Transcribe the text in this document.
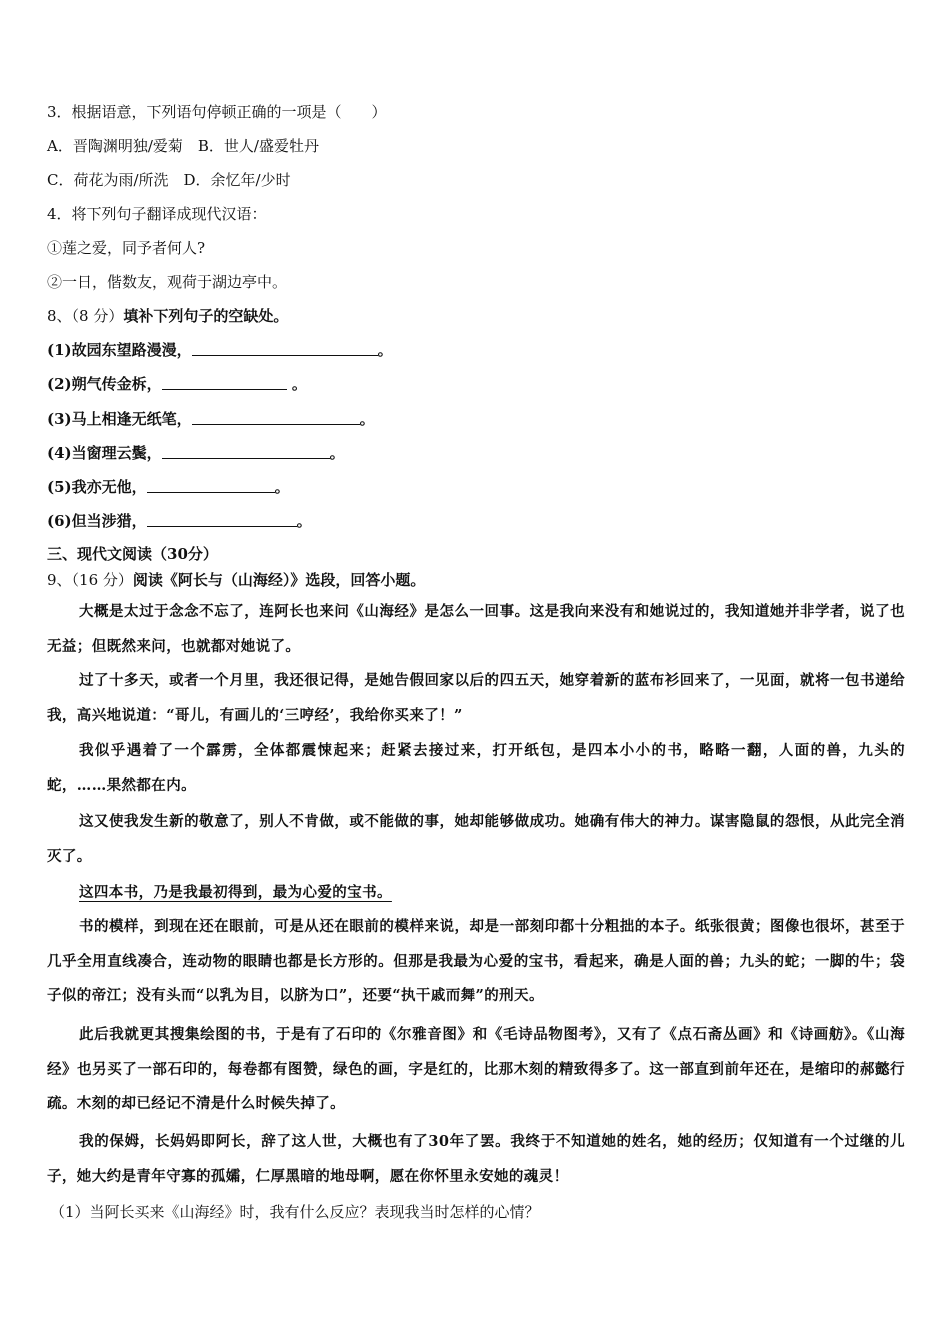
3．根据语意，下列语句停顿正确的一项是（　　）
A．晋陶渊明独/爱菊　B．世人/盛爱牡丹
C．荷花为雨/所洗　D．余忆年/少时
4．将下列句子翻译成现代汉语：
①莲之爱，同予者何人?
②一日，偕数友，观荷于湖边亭中。
8、（8 分）填补下列句子的空缺处。
(1)故园东望路漫漫，	。
(2)朔气传金柝，	。
(3)马上相逢无纸笔，	。
(4)当窗理云鬓，	。
(5)我亦无他，	。
(6)但当涉猎，	。
三、现代文阅读（30分）
9、（16 分）阅读《阿长与（山海经）》选段，回答小题。
大概是太过于念念不忘了，连阿长也来问《山海经》是怎么一回事。这是我向来没有和她说过的，我知道她并非学者，说了也无益；但既然来问，也就都对她说了。
过了十多天，或者一个月里，我还很记得，是她告假回家以后的四五天，她穿着新的蓝布衫回来了，一见面，就将一包书递给我，高兴地说道：“哥儿，有画儿的‘三哼经’，我给你买来了！”
我似乎遇着了一个霹雳，全体都震悚起来；赶紧去接过来，打开纸包，是四本小小的书，略略一翻，人面的兽，九头的蛇，……果然都在内。
这又使我发生新的敬意了，别人不肯做，或不能做的事，她却能够做成功。她确有伟大的神力。谋害隐鼠的怨恨，从此完全消灭了。
这四本书，乃是我最初得到，最为心爱的宝书。
书的模样，到现在还在眼前，可是从还在眼前的模样来说，却是一部刻印都十分粗拙的本子。纸张很黄；图像也很坏，甚至于几乎全用直线凑合，连动物的眼睛也都是长方形的。但那是我最为心爱的宝书，看起来，确是人面的兽；九头的蛇；一脚的牛；袋子似的帝江；没有头而“以乳为目，以脐为口”，还要“执干戚而舞”的刑天。
此后我就更其搜集绘图的书，于是有了石印的《尔雅音图》和《毛诗品物图考》，又有了《点石斋丛画》和《诗画舫》。《山海经》也另买了一部石印的，每卷都有图赞，绿色的画，字是红的，比那木刻的精致得多了。这一部直到前年还在，是缩印的郝懿行疏。木刻的却已经记不清是什么时候失掉了。
我的保姆，长妈妈即阿长，辞了这人世，大概也有了30年了罢。我终于不知道她的姓名，她的经历；仅知道有一个过继的儿子，她大约是青年守寡的孤孀，仁厚黑暗的地母啊，愿在你怀里永安她的魂灵！
（1）当阿长买来《山海经》时，我有什么反应？表现我当时怎样的心情？
